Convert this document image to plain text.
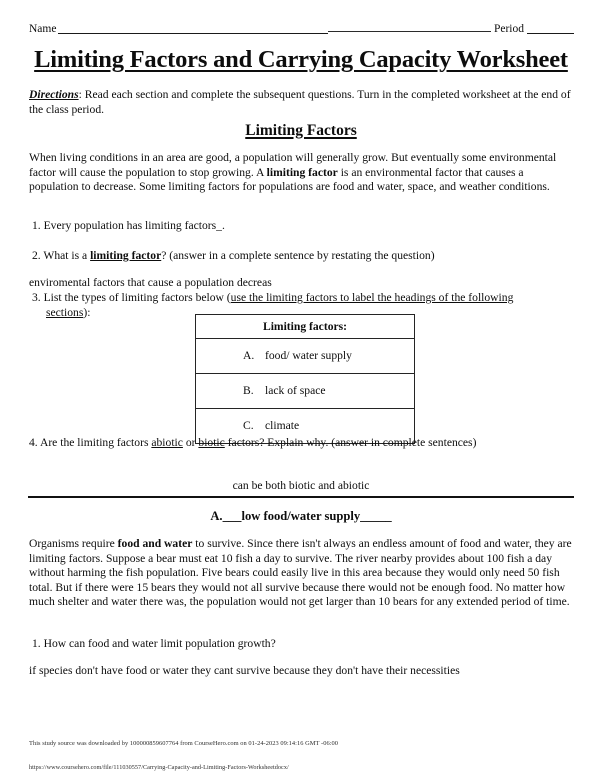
Name	Period
Limiting Factors and Carrying Capacity Worksheet
Directions: Read each section and complete the subsequent questions. Turn in the completed worksheet at the end of the class period.
Limiting Factors
When living conditions in an area are good, a population will generally grow. But eventually some environmental factor will cause the population to stop growing. A limiting factor is an environmental factor that causes a population to decrease. Some limiting factors for populations are food and water, space, and weather conditions.
1. Every population has limiting factors_.
2. What is a limiting factor? (answer in a complete sentence by restating the question)
enviromental factors that cause a population decreas
3. List the types of limiting factors below (use the limiting factors to label the headings of the following sections):
Limiting factors:
A. food/ water supply
B. lack of space
C. climate
4. Are the limiting factors abiotic or biotic factors? Explain why. (answer in complete sentences)
can be both biotic and abiotic
A.___low food/water supply_____
Organisms require food and water to survive. Since there isn't always an endless amount of food and water, they are limiting factors. Suppose a bear must eat 10 fish a day to survive. The river nearby provides about 100 fish a day without harming the fish population. Five bears could easily live in this area because they would only need 50 fish total. But if there were 15 bears they would not all survive because there would not be enough food. No matter how much shelter and water there was, the population would not get larger than 10 bears for any extended period of time.
1. How can food and water limit population growth?
if species don't have food or water they cant survive because they don't have their necessities
This study source was downloaded by 100000859607764 from CourseHero.com on 01-24-2023 09:14:16 GMT -06:00
https://www.coursehero.com/file/111030557/Carrying-Capacity-and-Limiting-Factors-Worksheetdocx/
